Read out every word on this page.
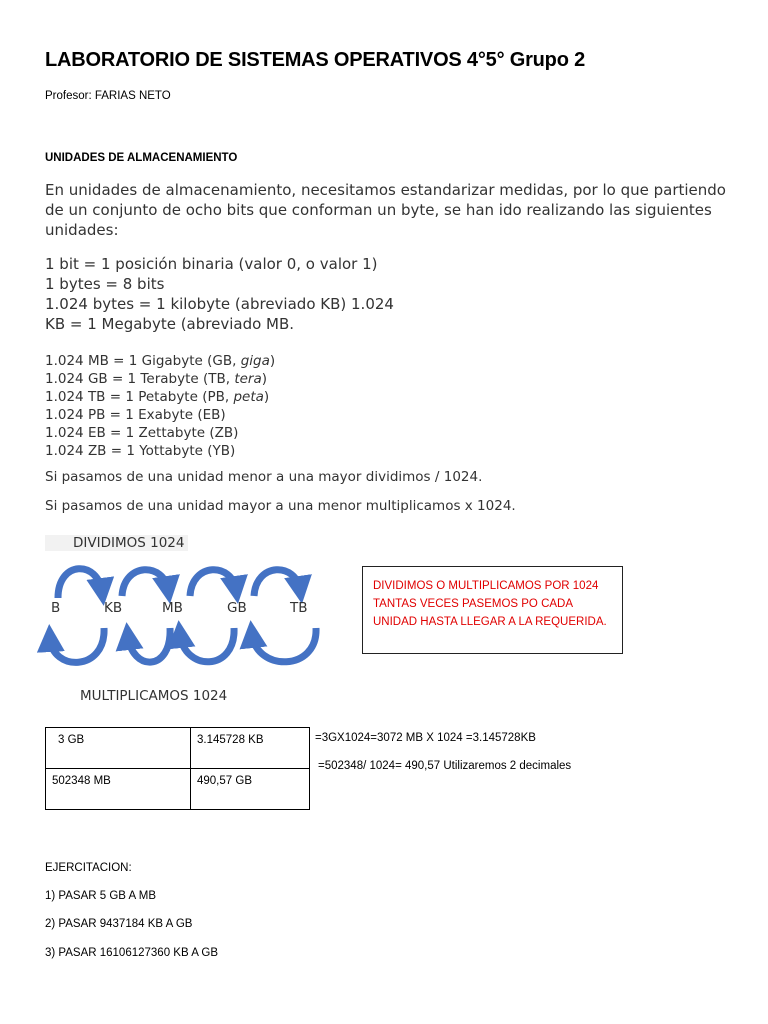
LABORATORIO DE SISTEMAS OPERATIVOS 4°5° Grupo 2
Profesor: FARIAS NETO
UNIDADES DE ALMACENAMIENTO
En unidades de almacenamiento, necesitamos estandarizar medidas, por lo que partiendo de un conjunto de ocho bits que conforman un byte, se han ido realizando las siguientes unidades:
1 bit = 1 posición binaria (valor 0, o valor 1)
1 bytes = 8 bits
1.024 bytes = 1 kilobyte (abreviado KB) 1.024
KB = 1 Megabyte (abreviado MB.
1.024 MB = 1 Gigabyte (GB, giga)
1.024 GB = 1 Terabyte (TB, tera)
1.024 TB = 1 Petabyte (PB, peta)
1.024 PB = 1 Exabyte (EB)
1.024 EB = 1 Zettabyte (ZB)
1.024 ZB = 1 Yottabyte (YB)
Si pasamos de una unidad menor a una mayor dividimos / 1024.
Si pasamos de una unidad mayor a una menor multiplicamos x 1024.
DIVIDIMOS 1024
B	KB	MB	GB	TB
DIVIDIMOS O MULTIPLICAMOS POR 1024
TANTAS VECES PASEMOS PO CADA
UNIDAD HASTA LLEGAR A LA REQUERIDA.
MULTIPLICAMOS 1024
3 GB	3.145728 KB
502348 MB	490,57 GB
=3GX1024=3072 MB X 1024 =3.145728KB
=502348/ 1024= 490,57 Utilizaremos 2 decimales
EJERCITACION:
1) PASAR 5 GB A MB
2) PASAR 9437184 KB A GB
3) PASAR 16106127360 KB A GB
